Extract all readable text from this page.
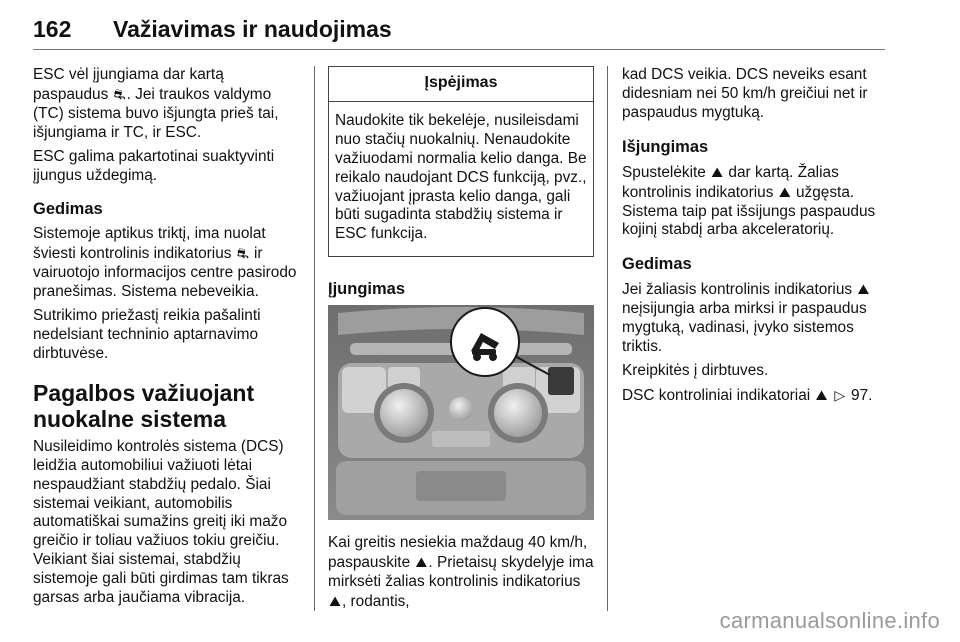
162 Važiavimas ir naudojimas

ESC vėl įjungiama dar kartą paspaudus ⛐. Jei traukos valdymo (TC) sistema buvo išjungta prieš tai, išjungiama ir TC, ir ESC.

ESC galima pakartotinai suaktyvinti įjungus uždegimą.

Gedimas

Sistemoje aptikus triktį, ima nuolat šviesti kontrolinis indikatorius ⛐ ir vairuotojo informacijos centre pasirodo pranešimas. Sistema nebeveikia.

Sutrikimo priežastį reikia pašalinti nedelsiant techninio aptarnavimo dirbtuvėse.

Pagalbos važiuojant nuokalne sistema

Nusileidimo kontrolės sistema (DCS) leidžia automobiliui važiuoti lėtai nespaudžiant stabdžių pedalo. Šiai sistemai veikiant, automobilis automatiškai sumažins greitį iki mažo greičio ir toliau važiuos tokiu greičiu. Veikiant šiai sistemai, stabdžių sistemoje gali būti girdimas tam tikras garsas arba jaučiama vibracija.

Įspėjimas
Naudokite tik bekelėje, nusileisdami nuo stačių nuokalnių. Nenaudokite važiuodami normalia kelio danga. Be reikalo naudojant DCS funkciją, pvz., važiuojant įprasta kelio danga, gali būti sugadinta stabdžių sistema ir ESC funkcija.
Įjungimas

Kai greitis nesiekia maždaug 40 km/h, paspauskite ⛰. Prietaisų skydelyje ima mirksėti žalias kontrolinis indikatorius ⛰, rodantis,

kad DCS veikia. DCS neveiks esant didesniam nei 50 km/h greičiui net ir paspaudus mygtuką.

Išjungimas

Spustelėkite ⛰ dar kartą. Žalias kontrolinis indikatorius ⛰ užgęsta. Sistema taip pat išsijungs paspaudus kojinį stabdį arba akceleratorių.

Gedimas

Jei žaliasis kontrolinis indikatorius ⛰ neįsijungia arba mirksi ir paspaudus mygtuką, vadinasi, įvyko sistemos triktis.

Kreipkitės į dirbtuves.

DSC kontroliniai indikatoriai ⛰ ▷ 97.

carmanualsonline.info
